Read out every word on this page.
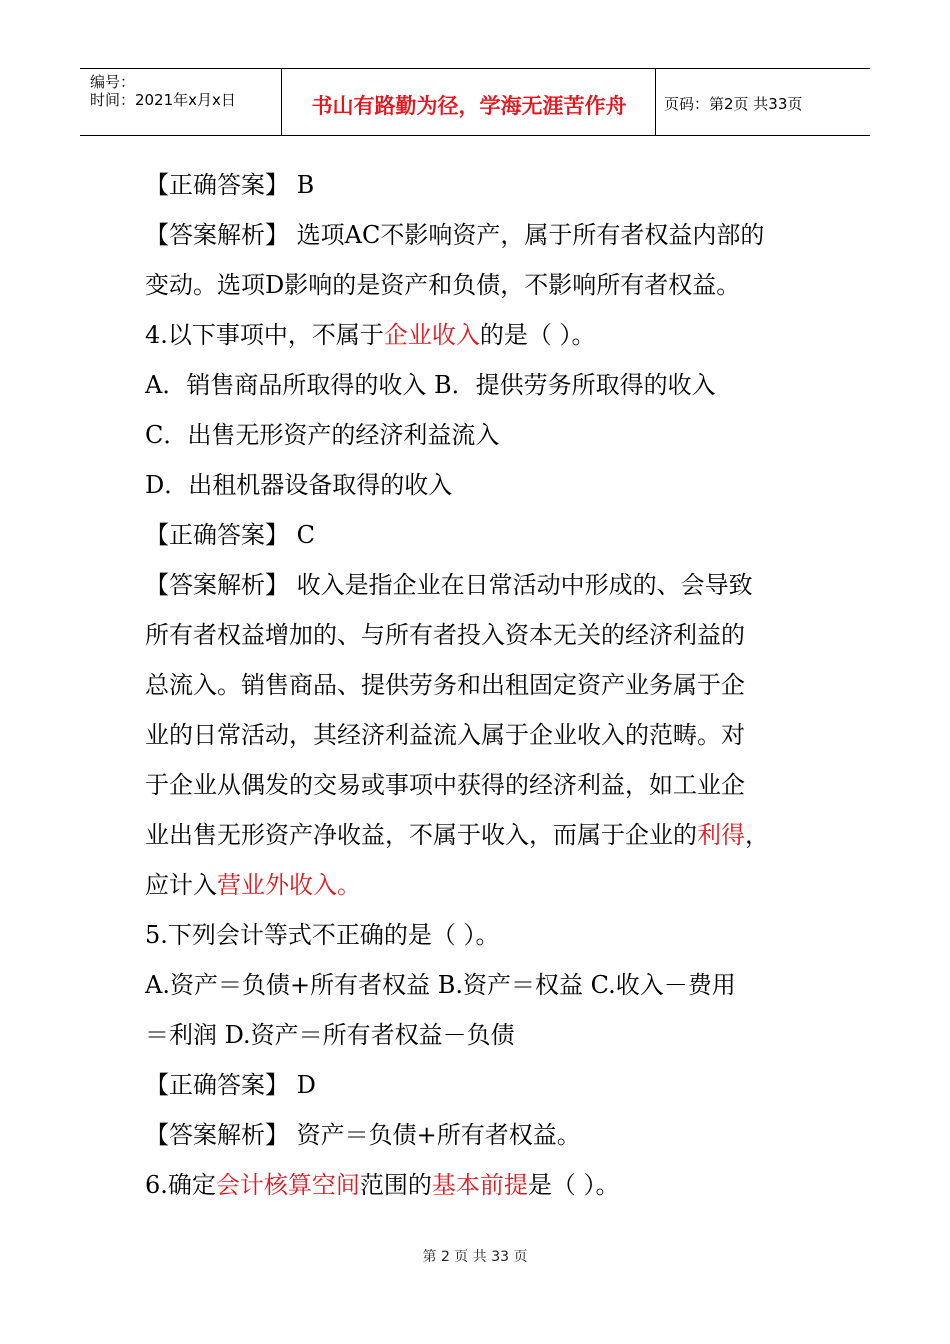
编号：
时间：2021年x月x日	书山有路勤为径，学海无涯苦作舟	页码：第2页 共33页
【正确答案】 B
【答案解析】 选项AC不影响资产，属于所有者权益内部的
变动。选项D影响的是资产和负债，不影响所有者权益。
4.以下事项中，不属于企业收入的是（ ）。
A．销售商品所取得的收入 B．提供劳务所取得的收入
C．出售无形资产的经济利益流入
D．出租机器设备取得的收入
【正确答案】 C
【答案解析】 收入是指企业在日常活动中形成的、会导致
所有者权益增加的、与所有者投入资本无关的经济利益的
总流入。销售商品、提供劳务和出租固定资产业务属于企
业的日常活动，其经济利益流入属于企业收入的范畴。对
于企业从偶发的交易或事项中获得的经济利益，如工业企
业出售无形资产净收益，不属于收入，而属于企业的利得，
应计入营业外收入。
5.下列会计等式不正确的是（ ）。
A.资产＝负债+所有者权益 B.资产＝权益 C.收入－费用
＝利润 D.资产＝所有者权益－负债
【正确答案】 D
【答案解析】 资产＝负债+所有者权益。
6.确定会计核算空间范围的基本前提是（ ）。
第 2 页 共 33 页
